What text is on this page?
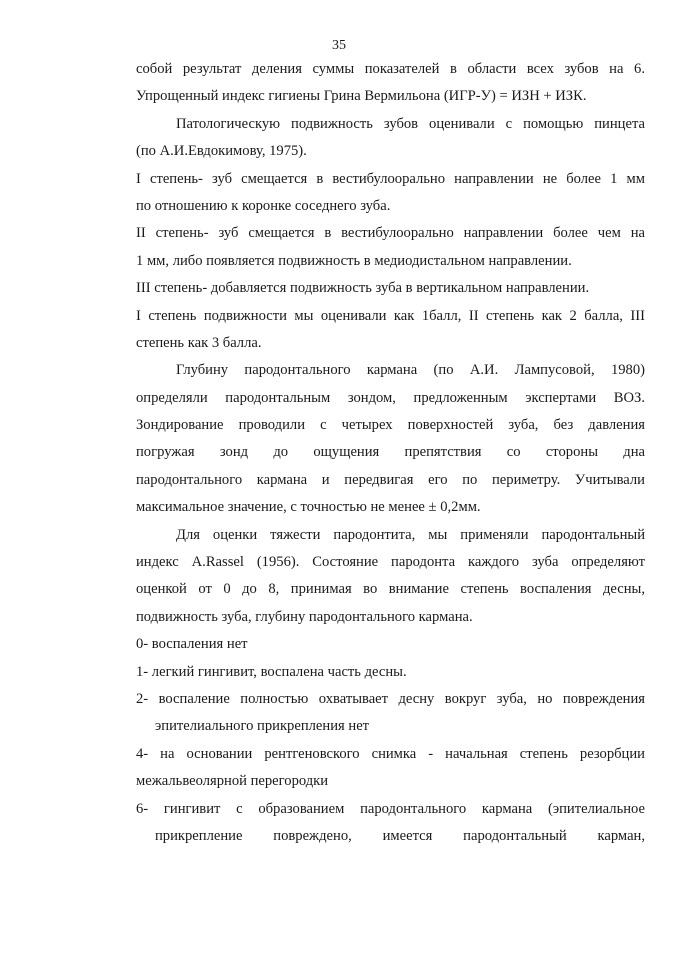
35
собой результат деления суммы показателей в области всех зубов на 6.
Упрощенный индекс гигиены Грина Вермильона (ИГР-У) = ИЗН + ИЗК.
Патологическую подвижность зубов оценивали с помощью пинцета
(по А.И.Евдокимову, 1975).
I степень- зуб смещается в вестибулоорально направлении не более 1 мм
по отношению к коронке соседнего зуба.
II степень- зуб смещается в вестибулоорально направлении более чем на
1 мм, либо появляется подвижность в медиодистальном направлении.
III степень- добавляется подвижность зуба в вертикальном направлении.
I степень подвижности мы оценивали как 1балл, II степень как 2 балла, III
степень как 3 балла.
Глубину пародонтального кармана (по А.И. Лампусовой, 1980)
определяли пародонтальным зондом, предложенным экспертами ВОЗ.
Зондирование проводили с четырех поверхностей зуба, без давления
погружая зонд до ощущения препятствия со стороны дна
пародонтального кармана и передвигая его по периметру. Учитывали
максимальное значение, с точностью не менее ± 0,2мм.
Для оценки тяжести пародонтита, мы применяли пародонтальный
индекс A.Rassel (1956). Состояние пародонта каждого зуба определяют
оценкой от 0 до 8, принимая во внимание степень воспаления десны,
подвижность зуба, глубину пародонтального кармана.
0- воспаления нет
1- легкий гингивит, воспалена часть десны.
2- воспаление полностью охватывает десну вокруг зуба, но повреждения
эпителиального прикрепления нет
4- на основании рентгеновского снимка - начальная степень резорбции
межальвеолярной перегородки
6- гингивит с образованием пародонтального кармана (эпителиальное
прикрепление повреждено, имеется пародонтальный карман,
